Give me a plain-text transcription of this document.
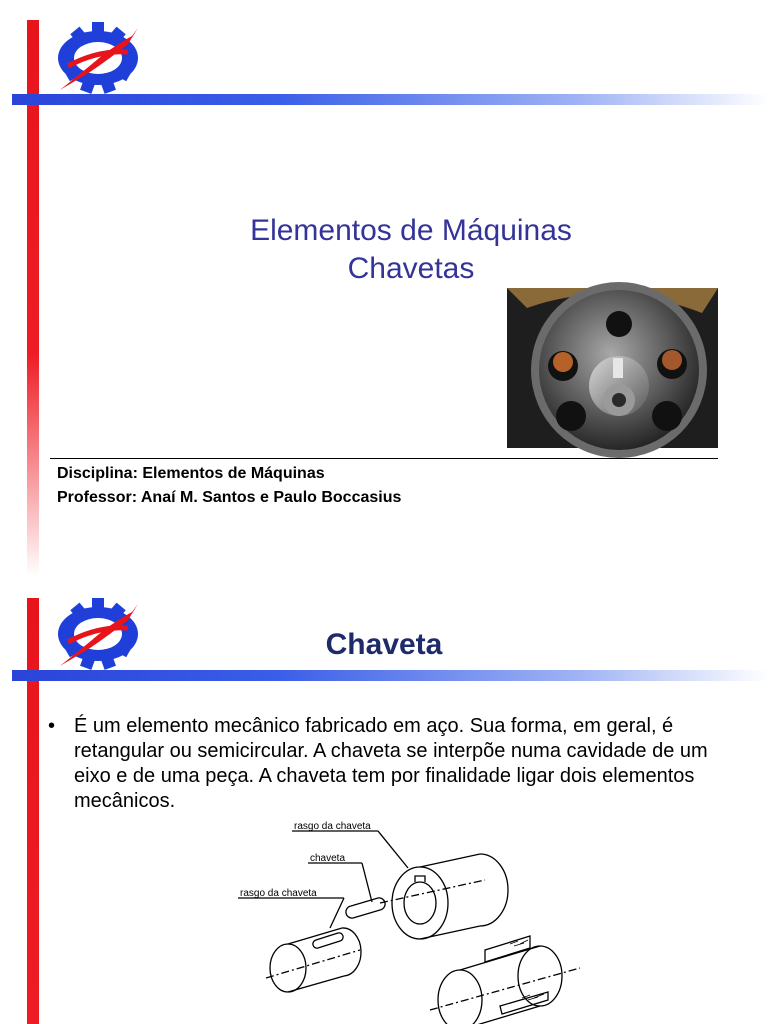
Elementos de Máquinas
Chavetas
Disciplina: Elementos de Máquinas
Professor: Anaí M. Santos e Paulo Boccasius
Chaveta
• É um elemento mecânico fabricado em aço. Sua forma, em geral, é retangular ou semicircular. A chaveta se interpõe numa cavidade de um eixo e de uma peça. A chaveta tem por finalidade ligar dois elementos mecânicos.
rasgo da chaveta
chaveta
rasgo da chaveta
